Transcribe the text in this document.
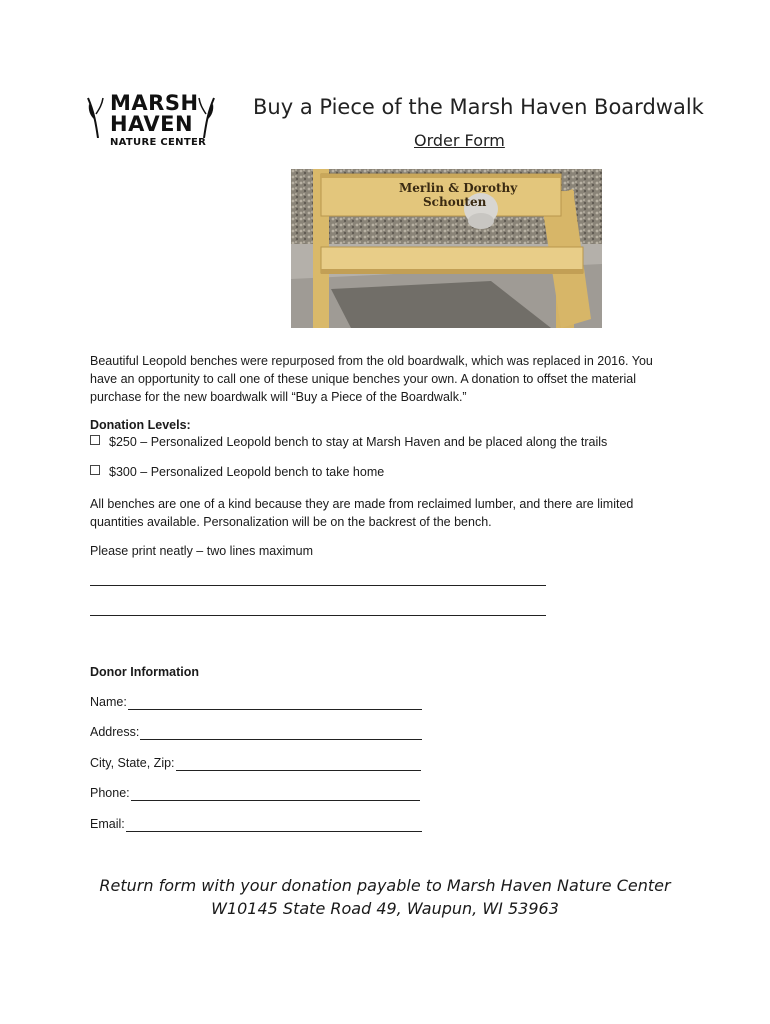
MARSH
HAVEN
NATURE CENTER
Buy a Piece of the Marsh Haven Boardwalk
Order Form
Merlin & Dorothy
Schouten
Beautiful Leopold benches were repurposed from the old boardwalk, which was replaced in 2016. You have an opportunity to call one of these unique benches your own. A donation to offset the material purchase for the new boardwalk will “Buy a Piece of the Boardwalk.”
Donation Levels:
$250 – Personalized Leopold bench to stay at Marsh Haven and be placed along the trails
$300 – Personalized Leopold bench to take home
All benches are one of a kind because they are made from reclaimed lumber, and there are limited quantities available. Personalization will be on the backrest of the bench.
Please print neatly – two lines maximum
Donor Information
Name:
Address:
City, State, Zip:
Phone:
Email:
Return form with your donation payable to Marsh Haven Nature Center
W10145 State Road 49, Waupun, WI 53963
